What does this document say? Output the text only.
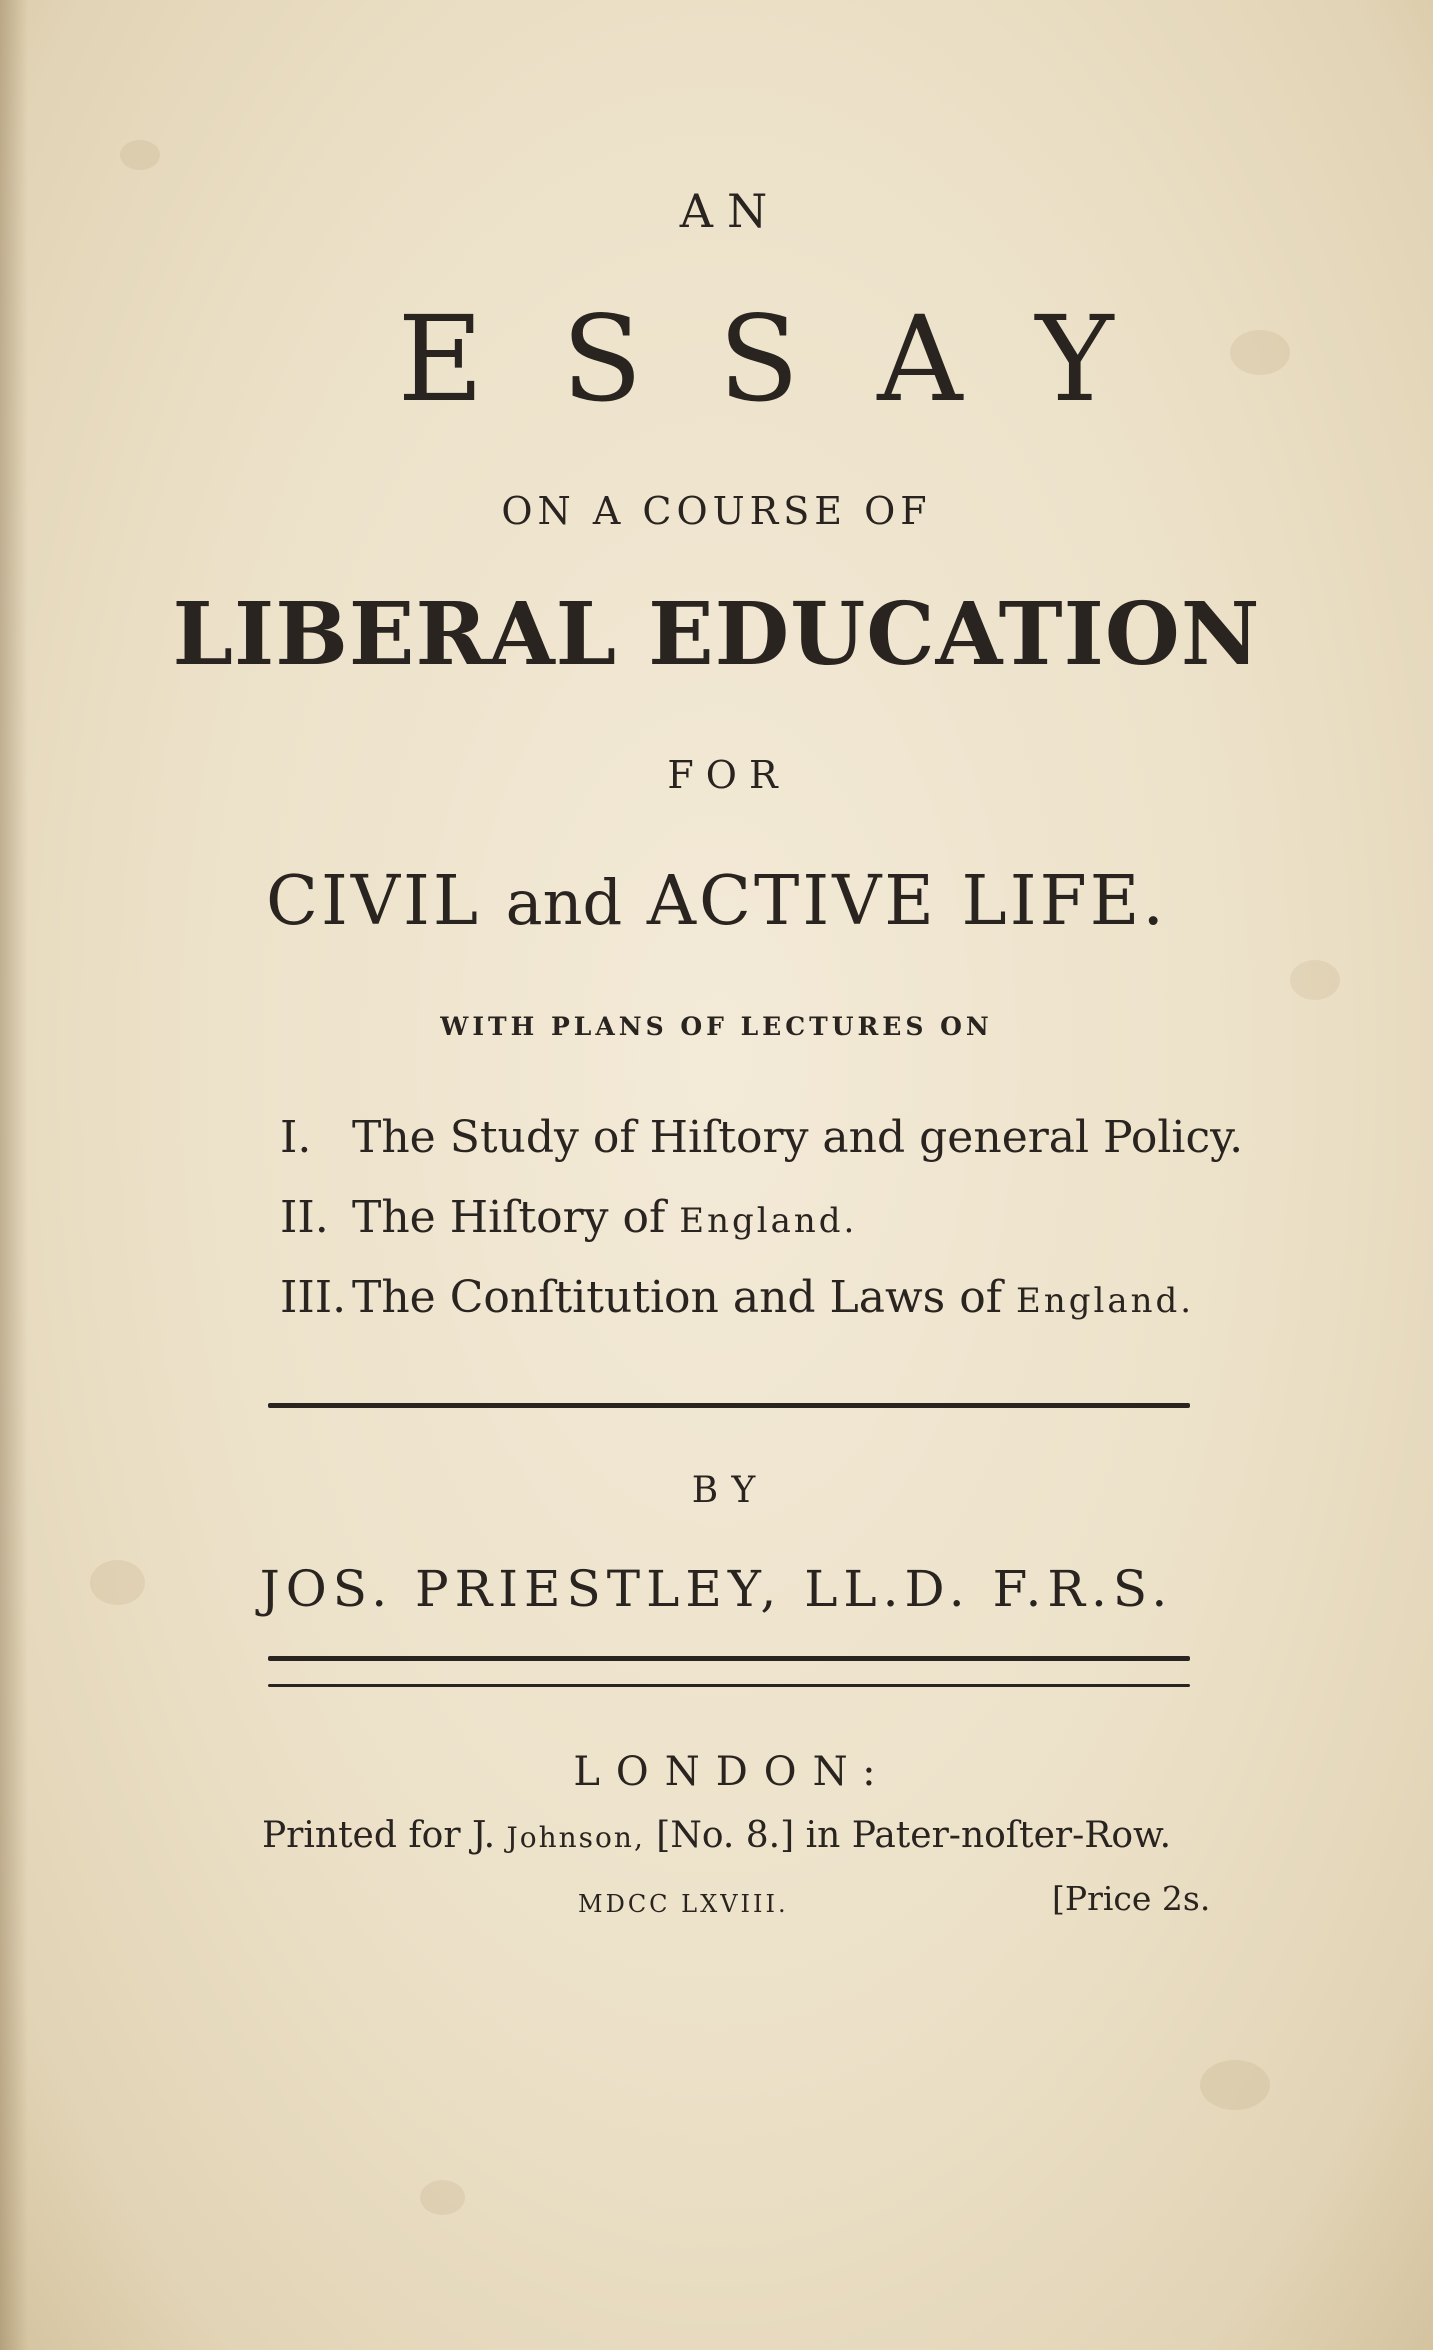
AN
ESSAY
ON A COURSE OF
LIBERAL EDUCATION
FOR
CIVIL and ACTIVE LIFE.
WITH PLANS OF LECTURES ON
I. The Study of Hiſtory and general Policy.
II. The Hiſtory of England.
III. The Conſtitution and Laws of England.
BY
JOS. PRIESTLEY, LL.D. F.R.S.
LONDON:
Printed for J. Johnson, [No. 8.] in Pater-noſter-Row.
MDCC LXVIII.	[Price 2s.
